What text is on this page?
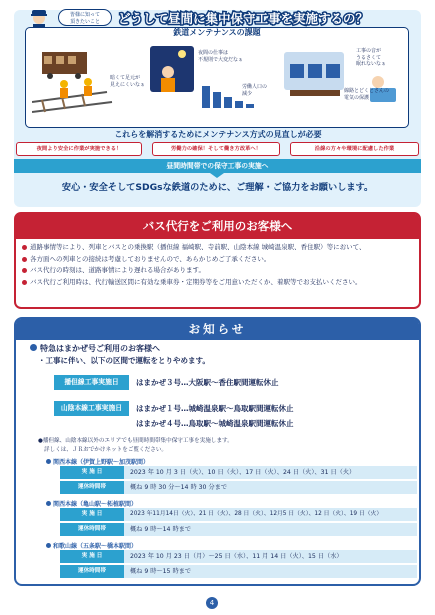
皆様に知って
頂きたいこと	どうして昼間に集中保守工事を実施するの？
鉄道メンテナンスの課題
暗くて足元が
見えにくいなぁ
夜間の仕事は
不規則で大変だなぁ
労働人口の
減少
工事の音が
うるさくて
眠れないなぁ
線路とどくとさんの
電気の保護
これらを解消するためにメンテナンス方式の見直しが必要
夜間より安全に作業が実施できる！	労働力の確保！そして働き方改革へ！	沿線の方々や環境に配慮した作業
昼間時間帯での保守工事の実施へ
安心・安全そしてSDGsな鉄道のために、ご理解・ご協力をお願いします。
バス代行をご利用のお客様へ
道路事情等により、列車とバスとの乗換駅（播但線 福崎駅、寺前駅、山陰本線 城崎温泉駅、香住駅）等において、
各方面への列車との接続は考慮しておりませんので、あらかじめご了承ください。
バス代行の時刻は、道路事情により遅れる場合があります。
バス代行ご利用時は、代行輸送区間に有効な乗車券・定期券等をご用意いただくか、着駅等でお支払いください。
お知らせ
特急はまかぜ号ご利用のお客様へ
・工事に伴い、以下の区間で運転をとりやめます。
播但線工事実施日	はまかぜ３号…大阪駅～香住駅間運転休止
山陰本線工事実施日	はまかぜ１号…城崎温泉駅～鳥取駅間運転休止
はまかぜ４号…鳥取駅～城崎温泉駅間運転休止
●播但線、山陰本線以外のエリアでも昼間時間帯集中保守工事を実施します。
詳しくは、ＪＲおでかけネットをご覧ください。
関西本線（伊賀上野駅～加茂駅間）
実 施 日	2023 年 10 月 3 日（火）、10 日（火）、17 日（火）、24 日（火）、31 日（火）
運休時間帯	概ね 9 時 30 分～14 時 30 分まで
関西本線（亀山駅～柘植駅間）
実 施 日	2023 年11月14日（火）、21 日（火）、28 日（火）、12月5 日（火）、12 日（火）、19 日（火）
運休時間帯	概ね 9 時～14 時まで
和歌山線（五条駅～橋本駅間）
実 施 日	2023 年 10 月 23 日（月）～25 日（水）、11 月 14 日（火）、15 日（水）
運休時間帯	概ね 9 時～15 時まで
4
